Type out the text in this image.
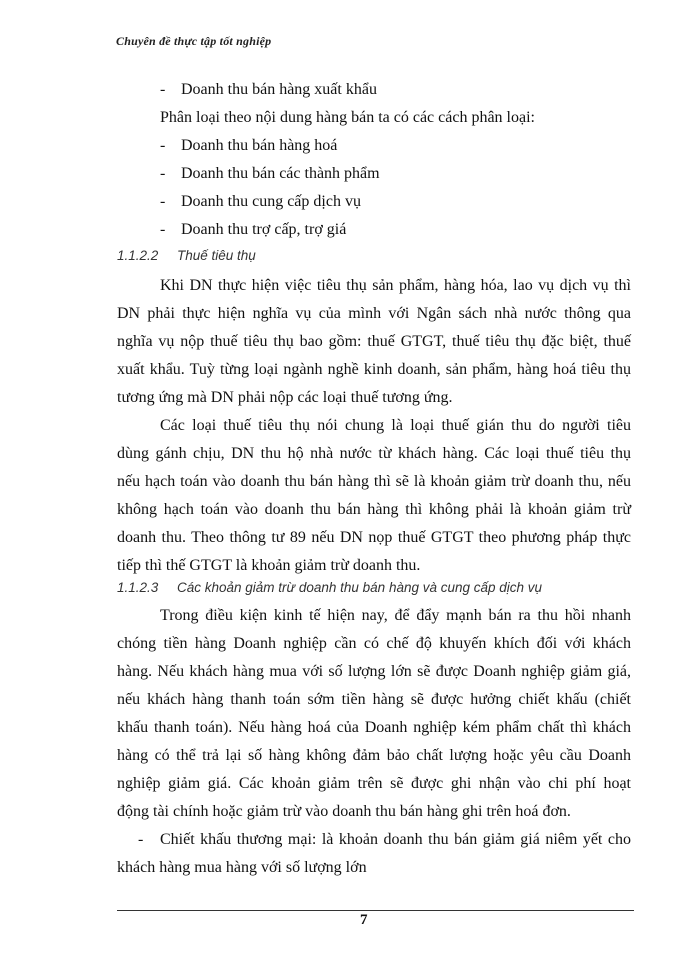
Chuyên đề thực tập tốt nghiệp
- Doanh thu bán hàng xuất khẩu
Phân loại theo nội dung hàng bán ta có các cách phân loại:
- Doanh thu bán hàng hoá
- Doanh thu bán các thành phẩm
- Doanh thu cung cấp dịch vụ
- Doanh thu trợ cấp, trợ giá
1.1.2.2 Thuế tiêu thụ
Khi DN thực hiện việc tiêu thụ sản phẩm, hàng hóa, lao vụ dịch vụ thì
DN phải thực hiện nghĩa vụ của mình với Ngân sách nhà nước thông qua
nghĩa vụ nộp thuế tiêu thụ bao gồm: thuế GTGT, thuế tiêu thụ đặc biệt, thuế
xuất khẩu. Tuỳ từng loại ngành nghề kinh doanh, sản phẩm, hàng hoá tiêu thụ
tương ứng mà DN phải nộp các loại thuế tương ứng.
Các loại thuế tiêu thụ nói chung là loại thuế gián thu do người tiêu
dùng gánh chịu, DN thu hộ nhà nước từ khách hàng. Các loại thuế tiêu thụ
nếu hạch toán vào doanh thu bán hàng thì sẽ là khoản giảm trừ doanh thu, nếu
không hạch toán vào doanh thu bán hàng thì không phải là khoản giảm trừ
doanh thu. Theo thông tư 89 nếu DN nọp thuế GTGT theo phương pháp thực
tiếp thì thế GTGT là khoản giảm trừ doanh thu.
1.1.2.3 Các khoản giảm trừ doanh thu bán hàng và cung cấp dịch vụ
Trong điều kiện kinh tế hiện nay, để đẩy mạnh bán ra thu hồi nhanh
chóng tiền hàng Doanh nghiệp cần có chế độ khuyến khích đối với khách
hàng. Nếu khách hàng mua với số lượng lớn sẽ được Doanh nghiệp giảm giá,
nếu khách hàng thanh toán sớm tiền hàng sẽ được hưởng chiết khấu (chiết
khấu thanh toán). Nếu hàng hoá của Doanh nghiệp kém phẩm chất thì khách
hàng có thể trả lại số hàng không đảm bảo chất lượng hoặc yêu cầu Doanh
nghiệp giảm giá. Các khoản giảm trên sẽ được ghi nhận vào chi phí hoạt
động tài chính hoặc giảm trừ vào doanh thu bán hàng ghi trên hoá đơn.
- Chiết khấu thương mại: là khoản doanh thu bán giảm giá niêm yết cho
khách hàng mua hàng với số lượng lớn
7
